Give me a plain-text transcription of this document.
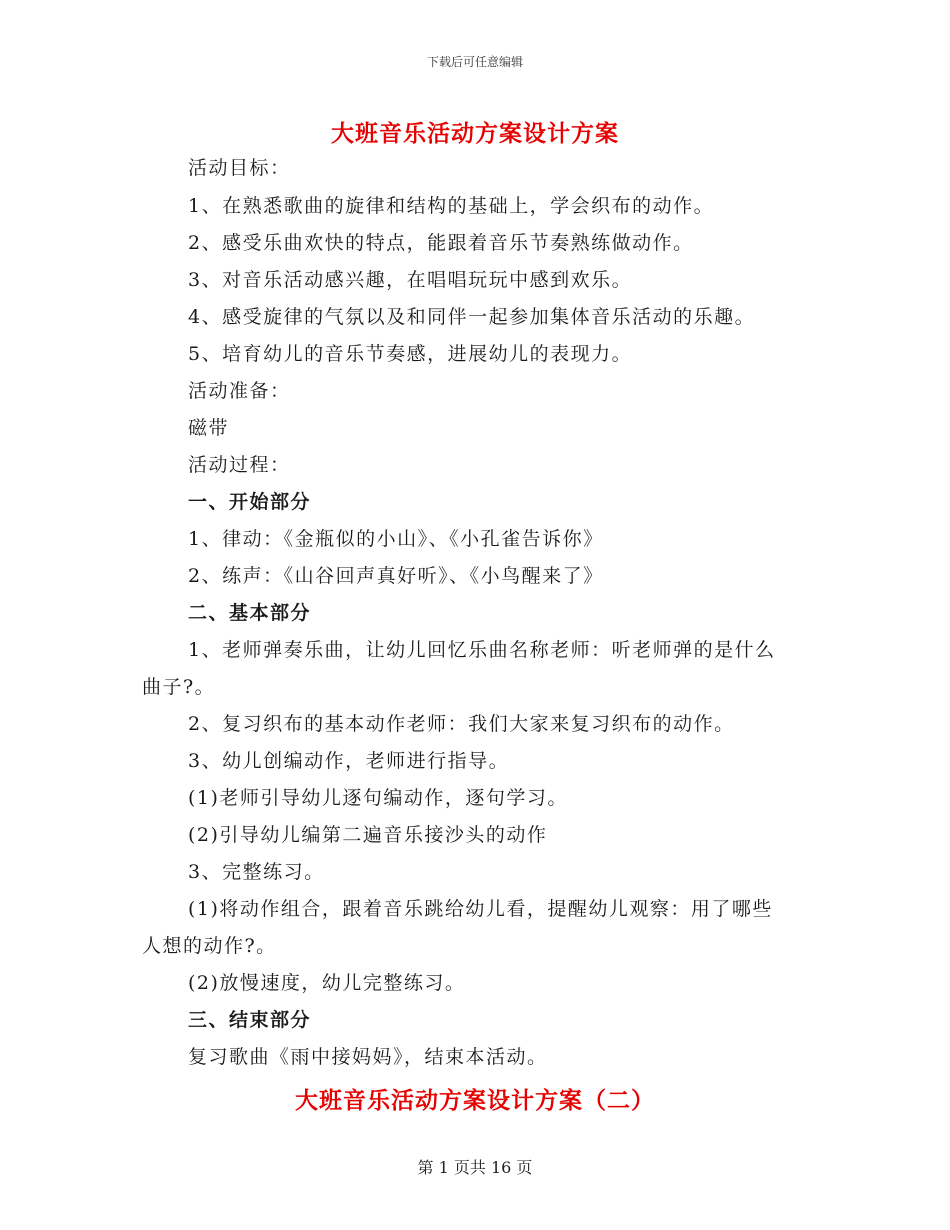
下载后可任意编辑
大班音乐活动方案设计方案
活动目标：
1、在熟悉歌曲的旋律和结构的基础上，学会织布的动作。
2、感受乐曲欢快的特点，能跟着音乐节奏熟练做动作。
3、对音乐活动感兴趣，在唱唱玩玩中感到欢乐。
4、感受旋律的气氛以及和同伴一起参加集体音乐活动的乐趣。
5、培育幼儿的音乐节奏感，进展幼儿的表现力。
活动准备：
磁带
活动过程：
一、开始部分
1、律动：《金瓶似的小山》、《小孔雀告诉你》
2、练声：《山谷回声真好听》、《小鸟醒来了》
二、基本部分
1、老师弹奏乐曲，让幼儿回忆乐曲名称老师：听老师弹的是什么
曲子?。
2、复习织布的基本动作老师：我们大家来复习织布的动作。
3、幼儿创编动作，老师进行指导。
(1)老师引导幼儿逐句编动作，逐句学习。
(2)引导幼儿编第二遍音乐接沙头的动作
3、完整练习。
(1)将动作组合，跟着音乐跳给幼儿看，提醒幼儿观察：用了哪些
人想的动作?。
(2)放慢速度，幼儿完整练习。
三、结束部分
复习歌曲《雨中接妈妈》，结束本活动。
大班音乐活动方案设计方案（二）
第 1 页共 16 页
